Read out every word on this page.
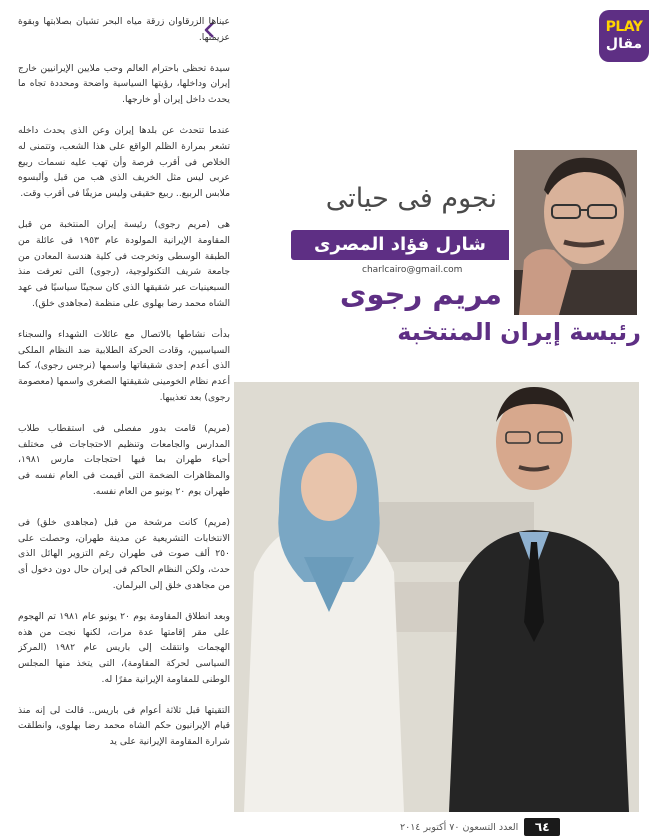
PLAY
مقال

عيناها الزرقاوان زرقة مياه البحر تشيان بصلابتها وبقوة عزيمتها.

سيدة تحظى باحترام العالم وحب ملايين الإيرانيين خارج إيران وداخلها، رؤيتها السياسية واضحة ومحددة تجاه ما يحدث داخل إيران أو خارجها.

عندما تتحدث عن بلدها إيران وعن الذى يحدث داخله تشعر بمرارة الظلم الواقع على هذا الشعب، وتتمنى له الخلاص فى أقرب فرصة وأن تهب عليه نسمات ربيع عربى ليس مثل الخريف الذى هب من قبل وألبسوه ملابس الربيع.. ربيع حقيقى وليس مزيفًا فى أقرب وقت.

هى (مريم رجوى) رئيسة إيران المنتخبة من قبل المقاومة الإيرانية المولودة عام ١٩٥٣ فى عائلة من الطبقة الوسطى وتخرجت فى كلية هندسة المعادن من جامعة شريف التكنولوجية، (رجوى) التى تعرفت منذ السبعينيات عبر شقيقها الذى كان سجينًا سياسيًا فى عهد الشاه محمد رضا بهلوى على منظمة (مجاهدى خلق).

بدأت نشاطها بالاتصال مع عائلات الشهداء والسجناء السياسيين، وقادت الحركة الطلابية ضد النظام الملكى الذى أعدم إحدى شقيقاتها واسمها (نرجس رجوى)، كما أعدم نظام الخومينى شقيقتها الصغرى واسمها (معصومة رجوى) بعد تعذيبها.

(مريم) قامت بدور مفصلى فى استقطاب طلاب المدارس والجامعات وتنظيم الاحتجاجات فى مختلف أحياء طهران بما فيها احتجاجات مارس ١٩٨١، والمظاهرات الضخمة التى أقيمت فى العام نفسه فى طهران يوم ٢٠ يونيو من العام نفسه.

(مريم) كانت مرشحة من قبل (مجاهدى خلق) فى الانتخابات التشريعية عن مدينة طهران، وحصلت على ٢٥٠ ألف صوت فى طهران رغم التزوير الهائل الذى حدث، ولكن النظام الحاكم فى إيران حال دون دخول أى من مجاهدى خلق إلى البرلمان.

وبعد انطلاق المقاومة يوم ٢٠ يونيو عام ١٩٨١ تم الهجوم على مقر إقامتها عدة مرات، لكنها نجت من هذه الهجمات وانتقلت إلى باريس عام ١٩٨٢ (المركز السياسى لحركة المقاومة)، التى يتخذ منها المجلس الوطنى للمقاومة الإيرانية مقرًا له.

التقيتها قبل ثلاثة أعوام فى باريس.. قالت لى إنه منذ قيام الإيرانيون حكم الشاه محمد رضا بهلوى، وانطلقت شرارة المقاومة الإيرانية على يد

نجوم فى حياتى
شارل فؤاد المصرى
charlcairo@gmail.com
مريم رجوى
رئيسة إيران المنتخبة
٦٤
العدد التسعون ٧٠ أكتوبر ٢٠١٤
